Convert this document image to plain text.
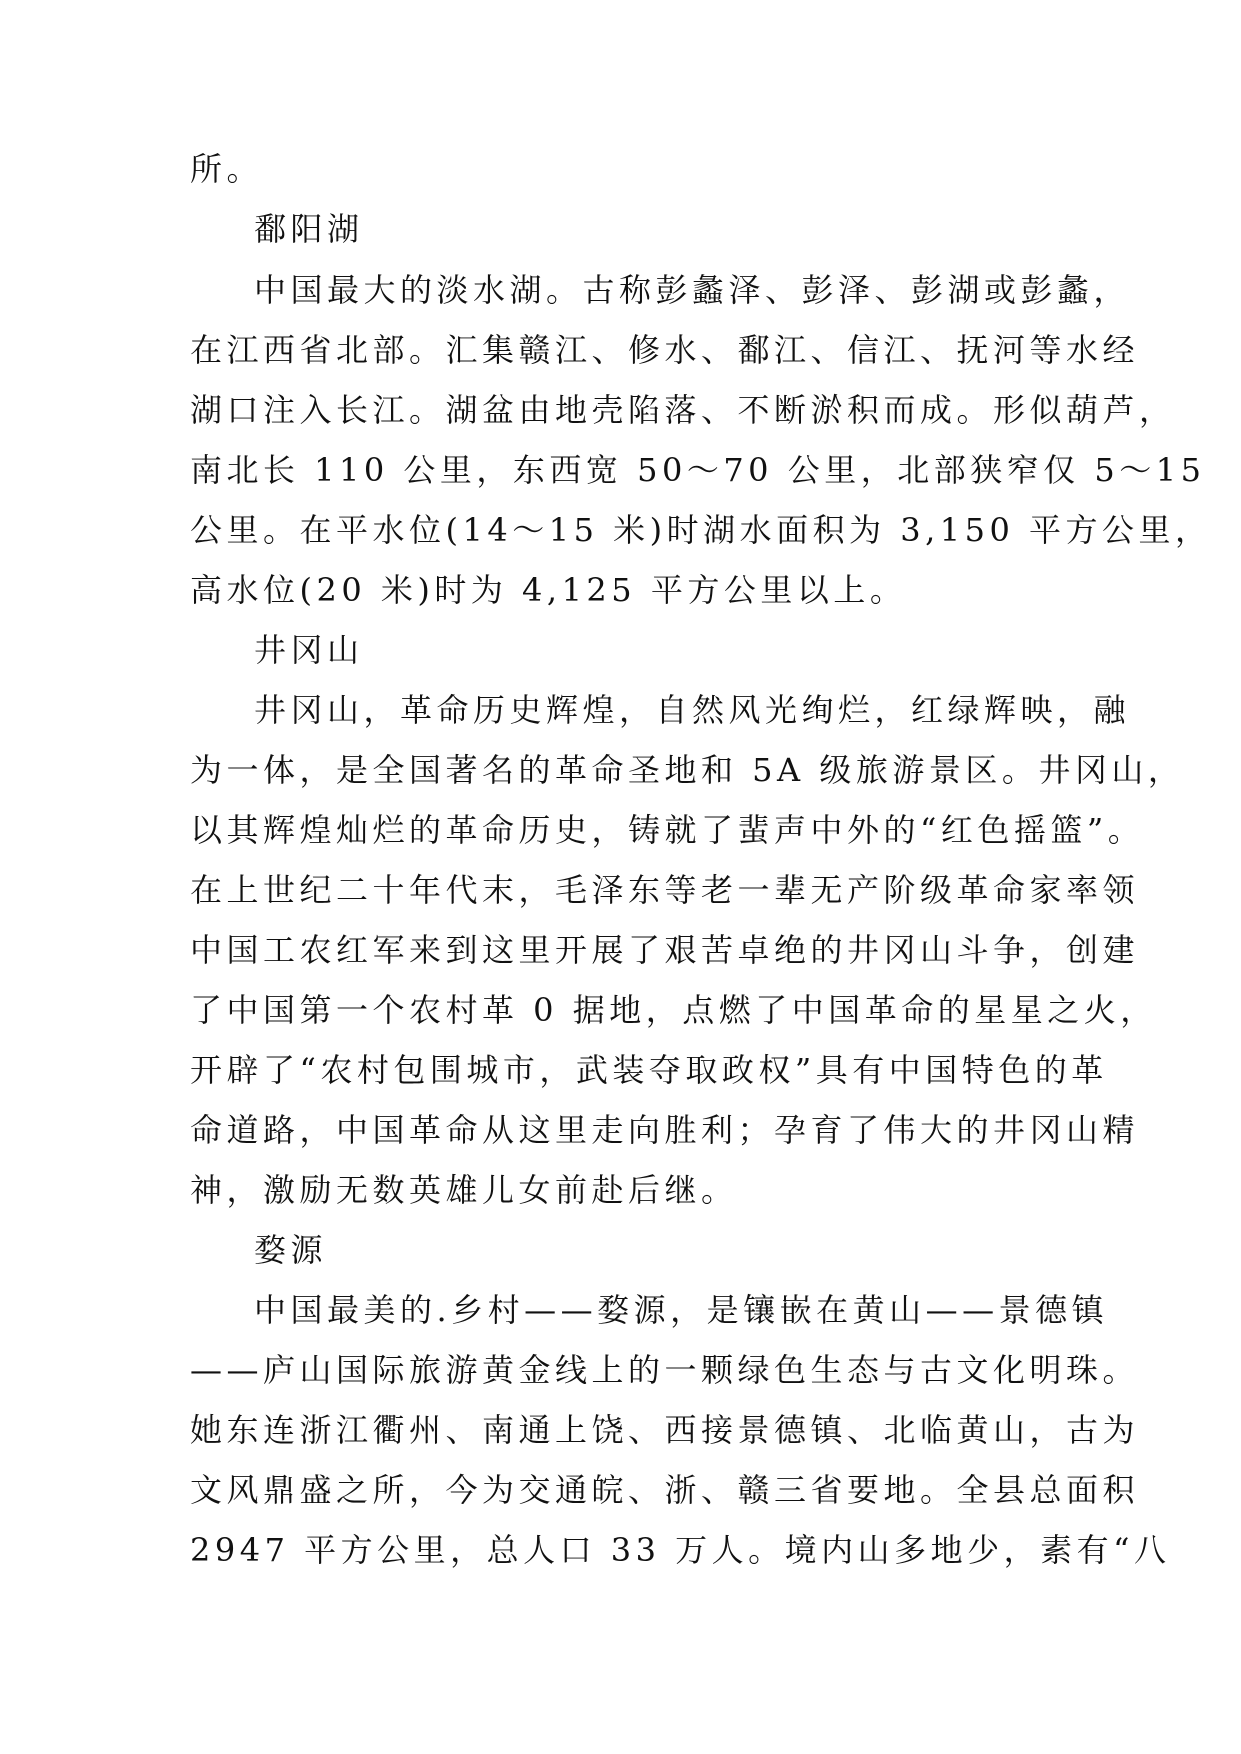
所。
鄱阳湖
中国最大的淡水湖。古称彭蠡泽、彭泽、彭湖或彭蠡，
在江西省北部。汇集赣江、修水、鄱江、信江、抚河等水经
湖口注入长江。湖盆由地壳陷落、不断淤积而成。形似葫芦，
南北长 110 公里，东西宽 50～70 公里，北部狭窄仅 5～15
公里。在平水位(14～15 米)时湖水面积为 3,150 平方公里，
高水位(20 米)时为 4,125 平方公里以上。
井冈山
井冈山，革命历史辉煌，自然风光绚烂，红绿辉映，融
为一体，是全国著名的革命圣地和 5A 级旅游景区。井冈山，
以其辉煌灿烂的革命历史，铸就了蜚声中外的“红色摇篮”。
在上世纪二十年代末，毛泽东等老一辈无产阶级革命家率领
中国工农红军来到这里开展了艰苦卓绝的井冈山斗争，创建
了中国第一个农村革 0 据地，点燃了中国革命的星星之火，
开辟了“农村包围城市，武装夺取政权”具有中国特色的革
命道路，中国革命从这里走向胜利；孕育了伟大的井冈山精
神，激励无数英雄儿女前赴后继。
婺源
中国最美的.乡村——婺源，是镶嵌在黄山——景德镇
——庐山国际旅游黄金线上的一颗绿色生态与古文化明珠。
她东连浙江衢州、南通上饶、西接景德镇、北临黄山，古为
文风鼎盛之所，今为交通皖、浙、赣三省要地。全县总面积
2947 平方公里，总人口 33 万人。境内山多地少，素有“八
